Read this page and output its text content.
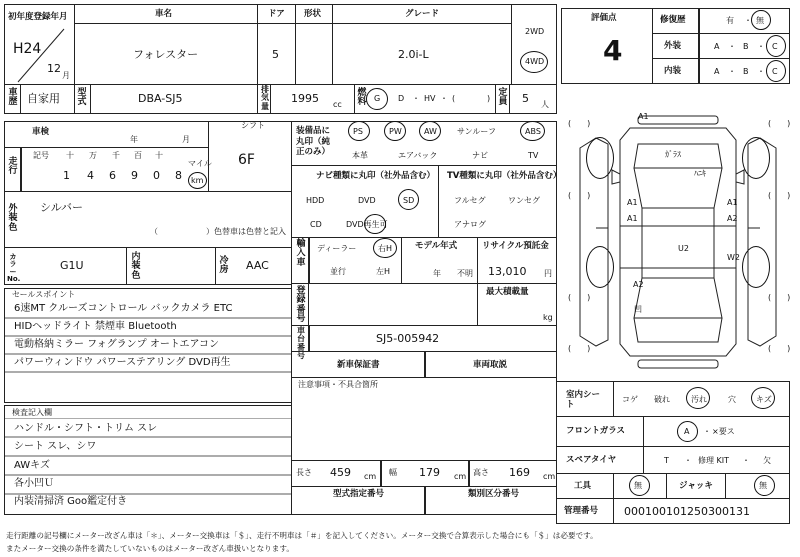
初年度登録年月
H24
12
月
車名
フォレスター
ドア
5
形状	グレード
2.0i-L
2WD
4WD
車歴 自家用 型式	DBA-SJ5
排気量
1995 cc
燃料 G D ・ HV ・ (	)
定員 5 人
車検
年	月
走行
記号 十 万 千 百 十
マイル
1 4 6 9 0 8 km
シフト
6F
外装色
シルバー
（　　　　　　）色替車は色替と記入
カラーNo.
G1U
内装色
冷房 AAC
セールスポイント
6速MT クルーズコントロール バックカメラ ETC
HIDヘッドライト 禁煙車 Bluetooth
電動格納ミラー フォグランプ オートエアコン
パワーウィンドウ パワーステアリング DVD再生
検査記入欄
ハンドル・シフト・トリム スレ
シート スレ、シワ
AWキズ
各小凹Ｕ
内装清掃済 Goo鑑定付き
装備品に丸印（純正のみ）
PS	PW	AW	サンルーフ	ABS
本革	エアバック	ナビ	TV
ナビ種類に丸印（社外品含む）
HDD	DVD	SD
CD	DVD再生可
TV種類に丸印（社外品含む）
フルセグ	ワンセグ
アナログ
輸入車
ディーラー
並行
右H
左H
モデル年式
年 不明
リサイクル預託金
13,010 円
登録番号
最大積載量
kg
車台番号
SJ5-005942
新車保証書	車両取説
注意事項・不具合箇所
長さ 459 cm 幅 179 cm 高さ 169 cm
型式指定番号	類別区分番号
評価点
4
修復歴	有 ・ 無
外装	A ・ B ・ C
内装	A ・ B ・ C
(　　)	(　　)
(　　)	(　　)
(　　)	(　　)
(　　)	(　　)
A1
A1
A1
A1
A2
A2
W2
U2
凹
ﾊﾆｷ
ｶﾞﾗｽ
室内シート
コゲ 破れ	汚れ	穴	キズ
フロントガラス	A ・ ×要ス
スペアタイヤ	T ・ 修理 KIT ・ 欠
工具	無	ジャッキ	無
管理番号 000100101250300131
走行距離の記号欄にメーター改ざん車は「＊」、メーター交換車は「＄」、走行不明車は「＃」を記入してください。メーター交換で合算表示した場合にも「＄」は必要です。
またメーター交換の条件を満たしていないものはメーター改ざん車扱いとなります。
